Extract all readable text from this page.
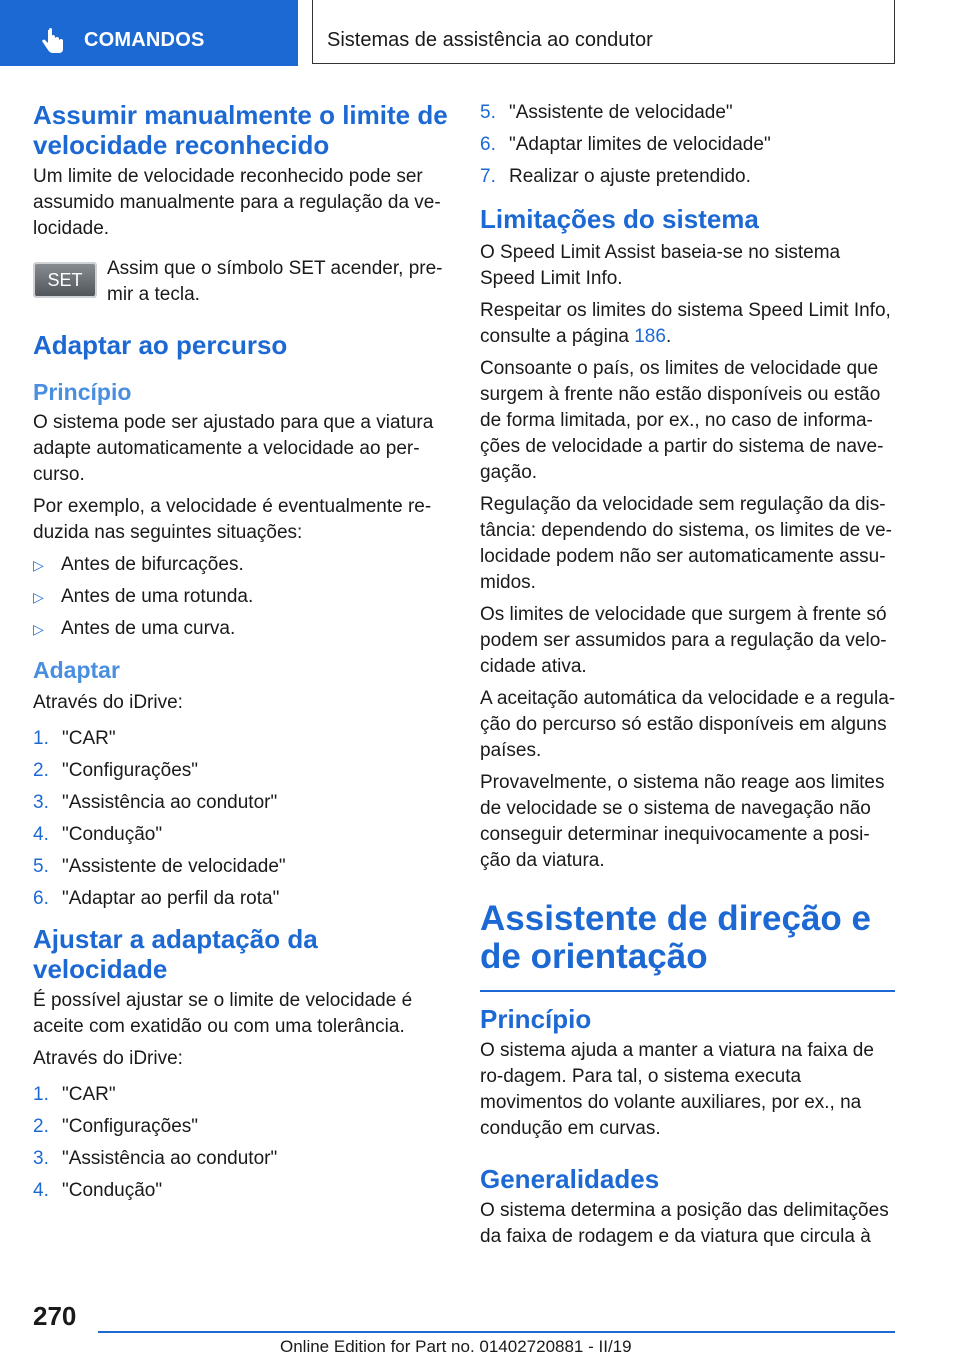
COMANDOS	Sistemas de assistência ao condutor
Assumir manualmente o limite de velocidade reconhecido

Um limite de velocidade reconhecido pode ser assumido manualmente para a regulação da ve-locidade.

SET

Assim que o símbolo SET acender, pre-mir a tecla.

Adaptar ao percurso
Princípio

O sistema pode ser ajustado para que a viatura adapte automaticamente a velocidade ao per-curso.

Por exemplo, a velocidade é eventualmente re-duzida nas seguintes situações:

▷ Antes de bifurcações.
▷ Antes de uma rotunda.
▷ Antes de uma curva.
Adaptar

Através do iDrive:

1. "CAR"
2. "Configurações"
3. "Assistência ao condutor"
4. "Condução"
5. "Assistente de velocidade"
6. "Adaptar ao perfil da rota"
Ajustar a adaptação da velocidade

É possível ajustar se o limite de velocidade é aceite com exatidão ou com uma tolerância.

Através do iDrive:

1. "CAR"
2. "Configurações"
3. "Assistência ao condutor"
4. "Condução"
5. "Assistente de velocidade"
6. "Adaptar limites de velocidade"
7. Realizar o ajuste pretendido.
Limitações do sistema

O Speed Limit Assist baseia-se no sistema Speed Limit Info.

Respeitar os limites do sistema Speed Limit Info, consulte a página 186.

Consoante o país, os limites de velocidade que surgem à frente não estão disponíveis ou estão de forma limitada, por ex., no caso de informa-ções de velocidade a partir do sistema de nave-gação.

Regulação da velocidade sem regulação da dis-tância: dependendo do sistema, os limites de ve-locidade podem não ser automaticamente assu-midos.

Os limites de velocidade que surgem à frente só podem ser assumidos para a regulação da velo-cidade ativa.

A aceitação automática da velocidade e a regula-ção do percurso só estão disponíveis em alguns países.

Provavelmente, o sistema não reage aos limites de velocidade se o sistema de navegação não conseguir determinar inequivocamente a posi-ção da viatura.

Assistente de direção e de orientação
Princípio

O sistema ajuda a manter a viatura na faixa de ro-dagem. Para tal, o sistema executa movimentos do volante auxiliares, por ex., na condução em curvas.

Generalidades

O sistema determina a posição das delimitações da faixa de rodagem e da viatura que circula à

270
Online Edition for Part no. 01402720881 - II/19
